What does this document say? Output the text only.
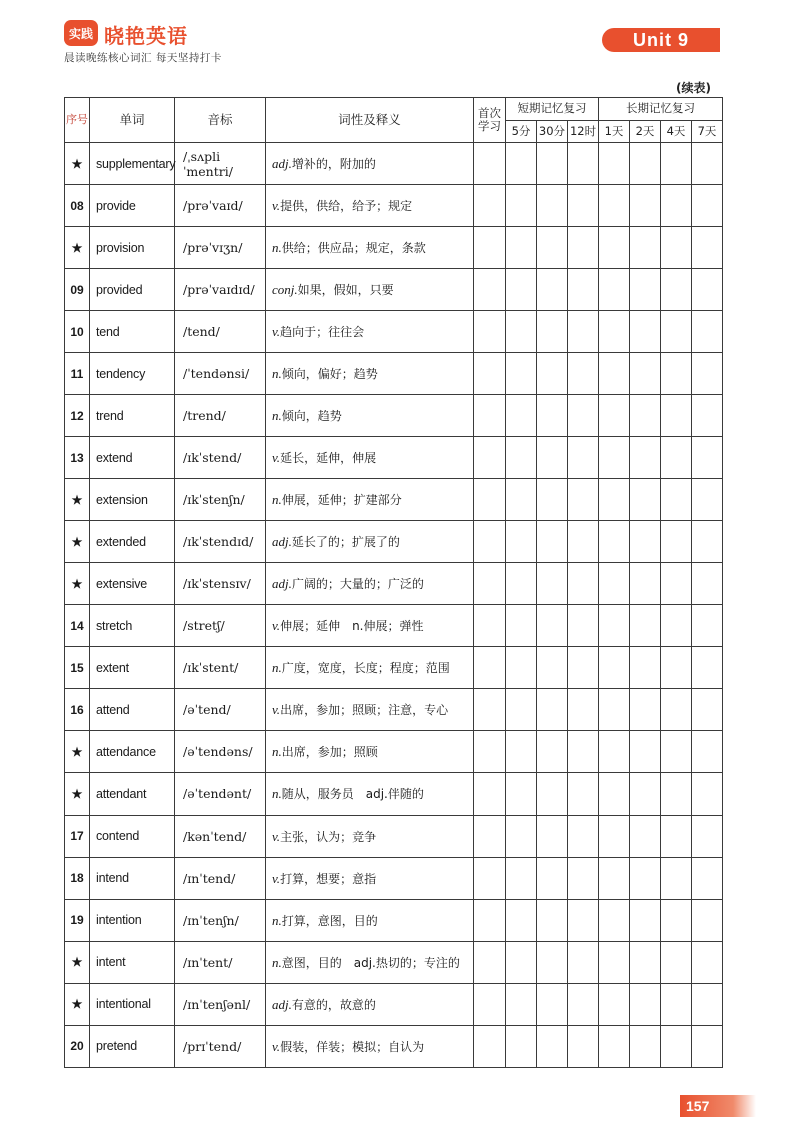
实践 晓艳英语
晨读晚练核心词汇 每天坚持打卡
Unit 9
(续表)
序号	单词	音标	词性及释义	首次学习	短期记忆复习			长期记忆复习			
					5分	30分	12时	1天	2天	4天	7天
★	supplementary	/ˌsʌpliˈmentri/	adj.增补的，附加的								
08	provide	/prəˈvaɪd/	v.提供，供给，给予；规定								
★	provision	/prəˈvɪʒn/	n.供给；供应品；规定，条款								
09	provided	/prəˈvaɪdɪd/	conj.如果，假如，只要								
10	tend	/tend/	v.趋向于；往往会								
11	tendency	/ˈtendənsi/	n.倾向，偏好；趋势								
12	trend	/trend/	n.倾向，趋势								
13	extend	/ɪkˈstend/	v.延长，延伸，伸展								
★	extension	/ɪkˈstenʃn/	n.伸展，延伸；扩建部分								
★	extended	/ɪkˈstendɪd/	adj.延长了的；扩展了的								
★	extensive	/ɪkˈstensɪv/	adj.广阔的；大量的；广泛的								
14	stretch	/stretʃ/	v.伸展；延伸　n.伸展；弹性								
15	extent	/ɪkˈstent/	n.广度，宽度，长度；程度；范围								
16	attend	/əˈtend/	v.出席，参加；照顾；注意，专心								
★	attendance	/əˈtendəns/	n.出席，参加；照顾								
★	attendant	/əˈtendənt/	n.随从，服务员　adj.伴随的								
17	contend	/kənˈtend/	v.主张，认为；竞争								
18	intend	/ɪnˈtend/	v.打算，想要；意指								
19	intention	/ɪnˈtenʃn/	n.打算，意图，目的								
★	intent	/ɪnˈtent/	n.意图，目的　adj.热切的；专注的								
★	intentional	/ɪnˈtenʃənl/	adj.有意的，故意的								
20	pretend	/prɪˈtend/	v.假装，佯装；模拟；自认为								
157
